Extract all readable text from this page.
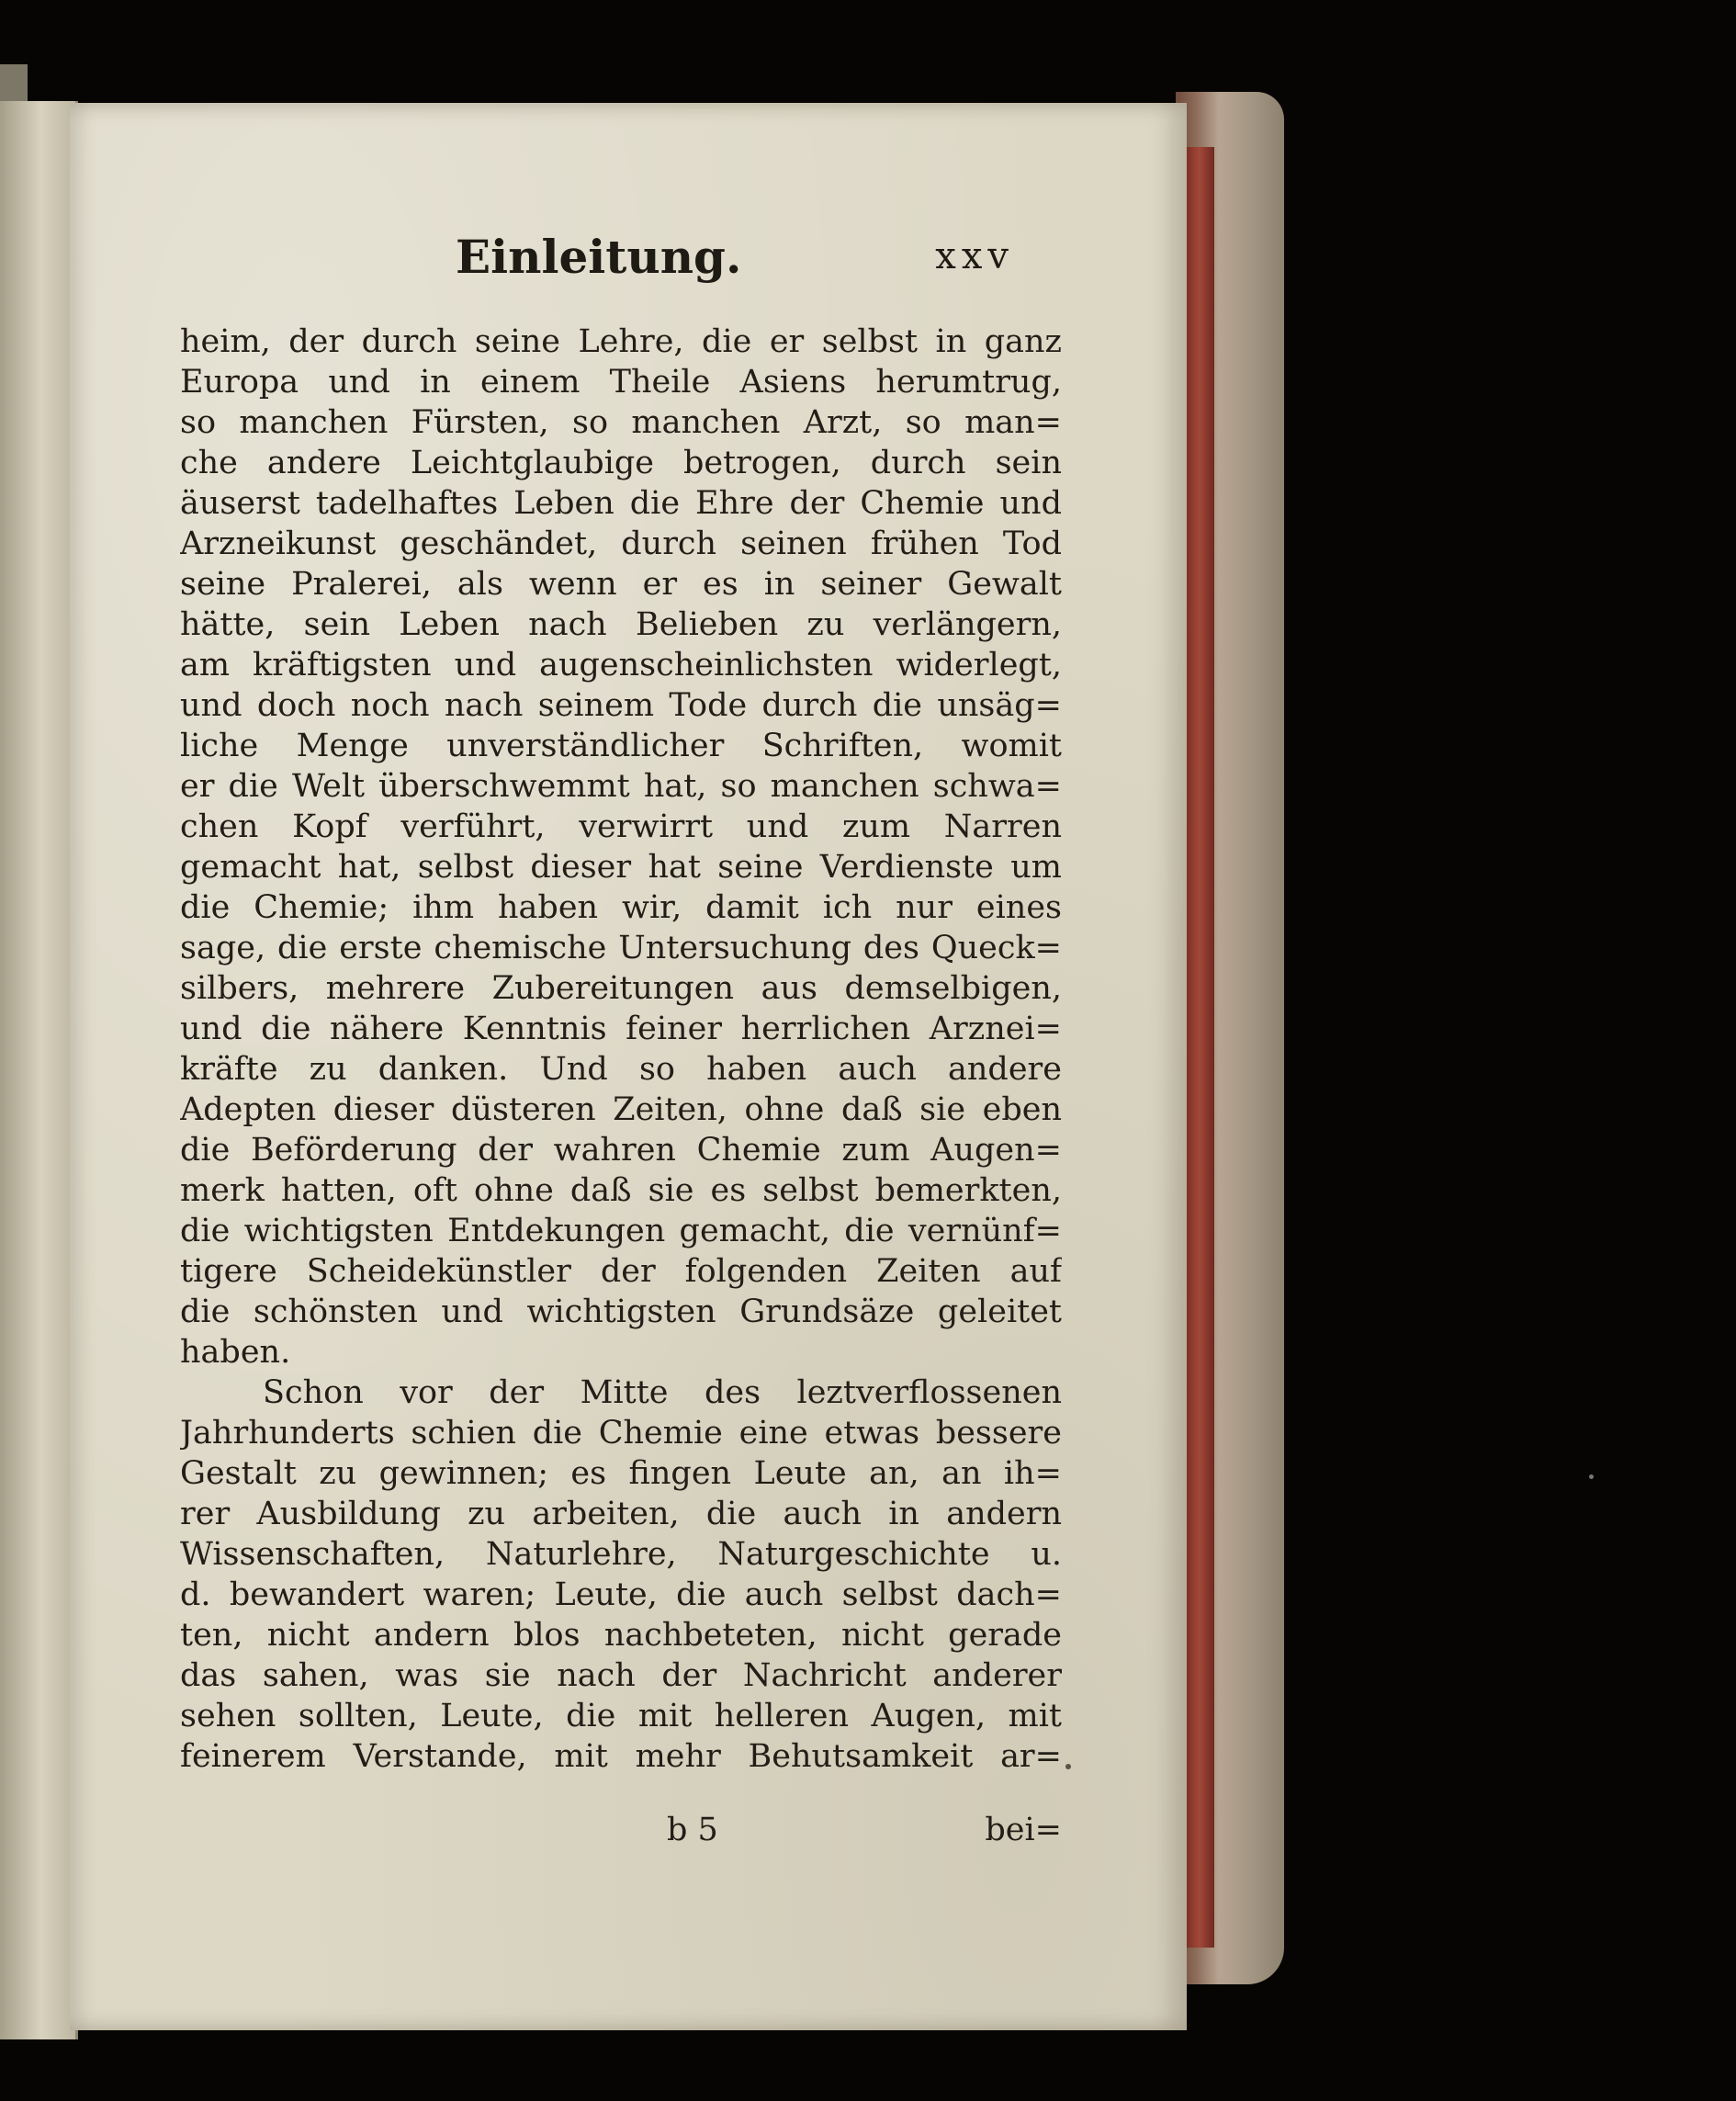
Einleitung.	xxv
heim, der durch seine Lehre, die er selbst in ganz
Europa und in einem Theile Asiens herumtrug,
so manchen Fürsten, so manchen Arzt, so man=
che andere Leichtglaubige betrogen, durch sein
äuserst tadelhaftes Leben die Ehre der Chemie und
Arzneikunst geschändet, durch seinen frühen Tod
seine Pralerei, als wenn er es in seiner Gewalt
hätte, sein Leben nach Belieben zu verlängern,
am kräftigsten und augenscheinlichsten widerlegt,
und doch noch nach seinem Tode durch die unsäg=
liche Menge unverständlicher Schriften, womit
er die Welt überschwemmt hat, so manchen schwa=
chen Kopf verführt, verwirrt und zum Narren
gemacht hat, selbst dieser hat seine Verdienste um
die Chemie; ihm haben wir, damit ich nur eines
sage, die erste chemische Untersuchung des Queck=
silbers, mehrere Zubereitungen aus demselbigen,
und die nähere Kenntnis feiner herrlichen Arznei=
kräfte zu danken. Und so haben auch andere
Adepten dieser düsteren Zeiten, ohne daß sie eben
die Beförderung der wahren Chemie zum Augen=
merk hatten, oft ohne daß sie es selbst bemerkten,
die wichtigsten Entdekungen gemacht, die vernünf=
tigere Scheidekünstler der folgenden Zeiten auf
die schönsten und wichtigsten Grundsäze geleitet
haben.
Schon vor der Mitte des leztverflossenen
Jahrhunderts schien die Chemie eine etwas bessere
Gestalt zu gewinnen; es fingen Leute an, an ih=
rer Ausbildung zu arbeiten, die auch in andern
Wissenschaften, Naturlehre, Naturgeschichte u.
d. bewandert waren; Leute, die auch selbst dach=
ten, nicht andern blos nachbeteten, nicht gerade
das sahen, was sie nach der Nachricht anderer
sehen sollten, Leute, die mit helleren Augen, mit
feinerem Verstande, mit mehr Behutsamkeit ar=
b 5	bei=
